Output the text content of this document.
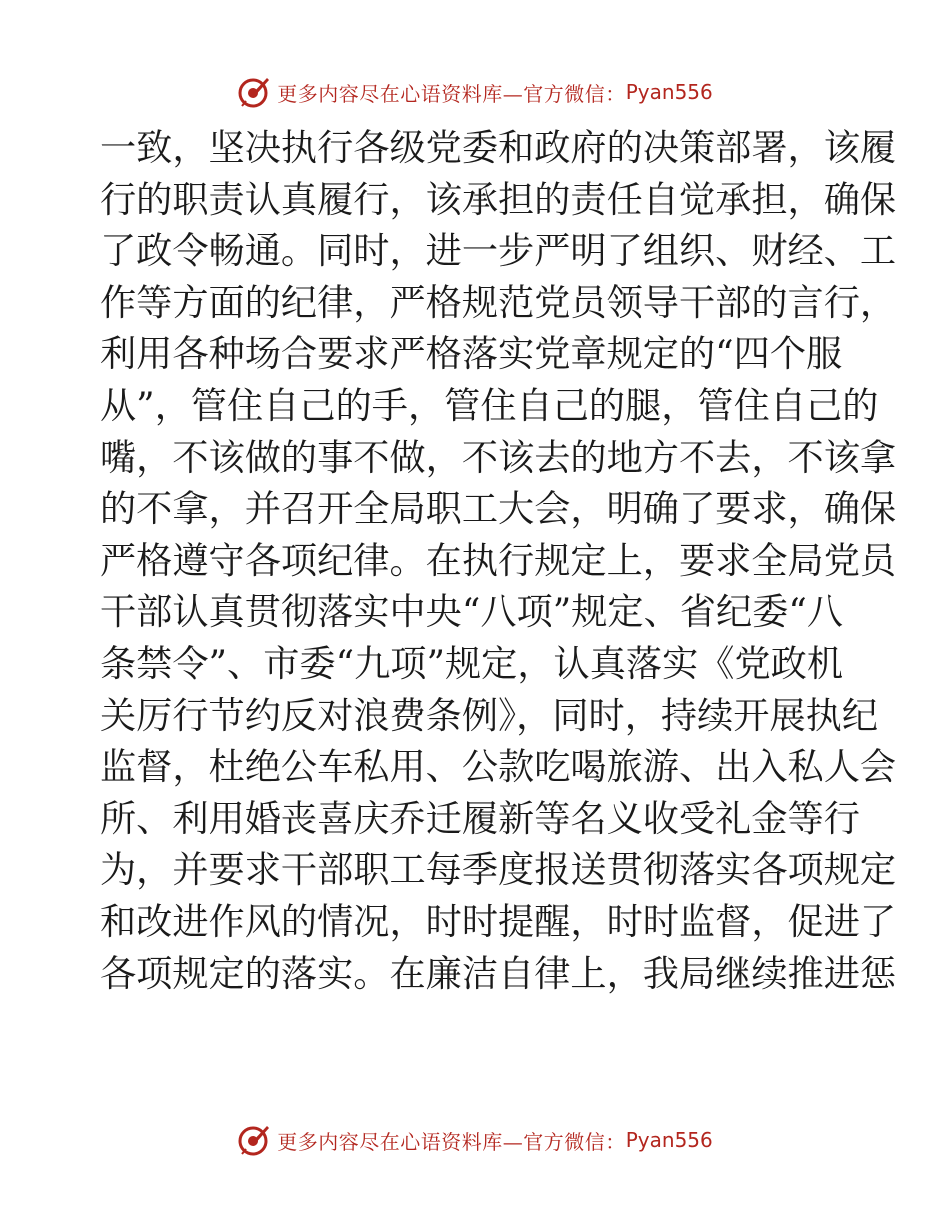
更多内容尽在心语资料库—官方微信： Pyan556
一致，坚决执行各级党委和政府的决策部署，该履
行的职责认真履行，该承担的责任自觉承担，确保
了政令畅通。同时，进一步严明了组织、财经、工
作等方面的纪律，严格规范党员领导干部的言行，
利用各种场合要求严格落实党章规定的“四个服
从”，管住自己的手，管住自己的腿，管住自己的
嘴，不该做的事不做，不该去的地方不去，不该拿
的不拿，并召开全局职工大会，明确了要求，确保
严格遵守各项纪律。在执行规定上，要求全局党员
干部认真贯彻落实中央“八项”规定、省纪委“八
条禁令”、市委“九项”规定，认真落实《党政机
关厉行节约反对浪费条例》，同时，持续开展执纪
监督，杜绝公车私用、公款吃喝旅游、出入私人会
所、利用婚丧喜庆乔迁履新等名义收受礼金等行
为，并要求干部职工每季度报送贯彻落实各项规定
和改进作风的情况，时时提醒，时时监督，促进了
各项规定的落实。在廉洁自律上，我局继续推进惩
更多内容尽在心语资料库—官方微信： Pyan556
